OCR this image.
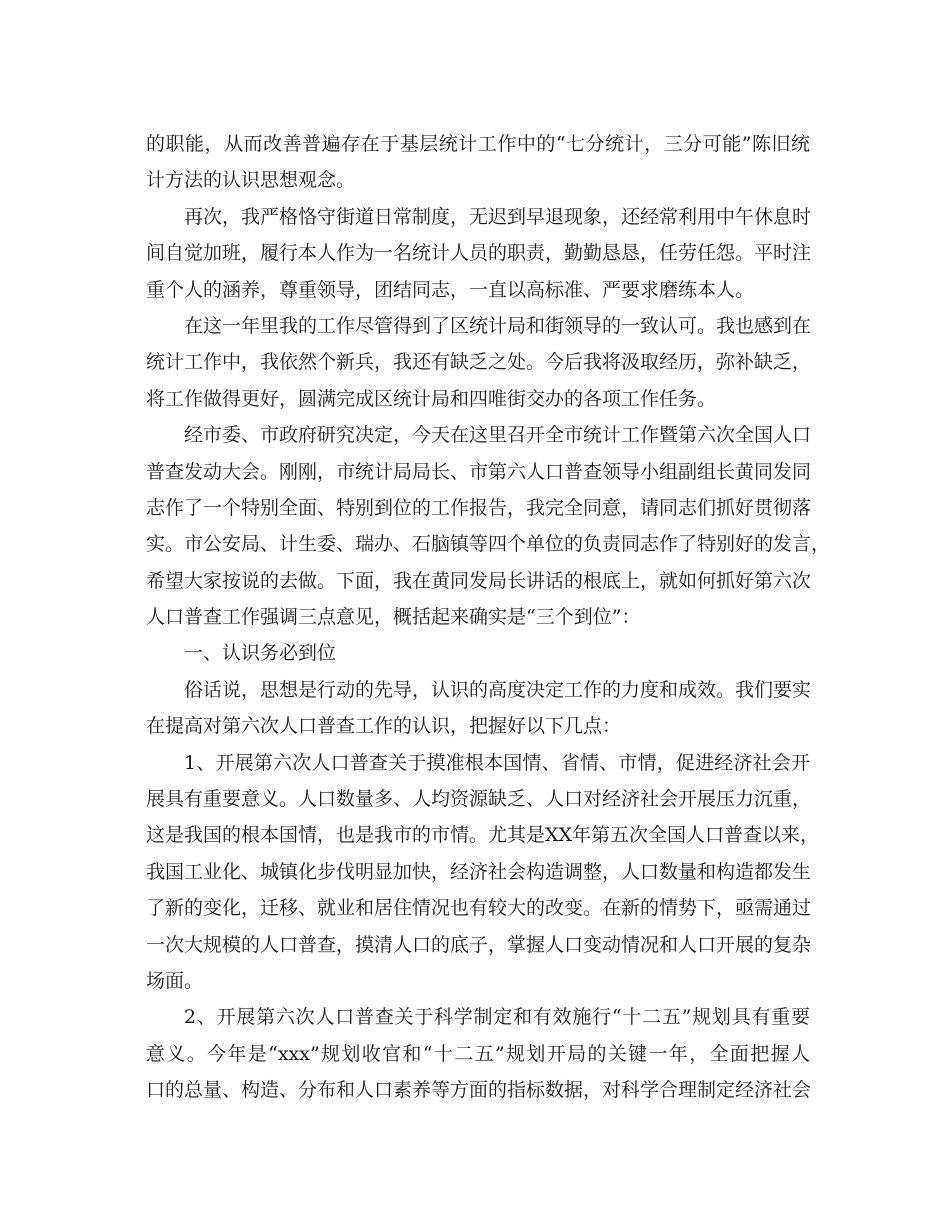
的职能，从而改善普遍存在于基层统计工作中的“七分统计，三分可能”陈旧统
计方法的认识思想观念。
再次，我严格恪守街道日常制度，无迟到早退现象，还经常利用中午休息时
间自觉加班，履行本人作为一名统计人员的职责，勤勤恳恳，任劳任怨。平时注
重个人的涵养，尊重领导，团结同志，一直以高标准、严要求磨练本人。
在这一年里我的工作尽管得到了区统计局和街领导的一致认可。我也感到在
统计工作中，我依然个新兵，我还有缺乏之处。今后我将汲取经历，弥补缺乏，
将工作做得更好，圆满完成区统计局和四唯街交办的各项工作任务。
经市委、市政府研究决定，今天在这里召开全市统计工作暨第六次全国人口
普查发动大会。刚刚，市统计局局长、市第六人口普查领导小组副组长黄同发同
志作了一个特别全面、特别到位的工作报告，我完全同意，请同志们抓好贯彻落
实。市公安局、计生委、瑞办、石脑镇等四个单位的负责同志作了特别好的发言，
希望大家按说的去做。下面，我在黄同发局长讲话的根底上，就如何抓好第六次
人口普查工作强调三点意见，概括起来确实是“三个到位”：
一、认识务必到位
俗话说，思想是行动的先导，认识的高度决定工作的力度和成效。我们要实
在提高对第六次人口普查工作的认识，把握好以下几点：
1、开展第六次人口普查关于摸准根本国情、省情、市情，促进经济社会开
展具有重要意义。人口数量多、人均资源缺乏、人口对经济社会开展压力沉重，
这是我国的根本国情，也是我市的市情。尤其是XX年第五次全国人口普查以来，
我国工业化、城镇化步伐明显加快，经济社会构造调整，人口数量和构造都发生
了新的变化，迁移、就业和居住情况也有较大的改变。在新的情势下，亟需通过
一次大规模的人口普查，摸清人口的底子，掌握人口变动情况和人口开展的复杂
场面。
2、开展第六次人口普查关于科学制定和有效施行“十二五”规划具有重要
意义。今年是“xxx”规划收官和“十二五”规划开局的关键一年，全面把握人
口的总量、构造、分布和人口素养等方面的指标数据，对科学合理制定经济社会
